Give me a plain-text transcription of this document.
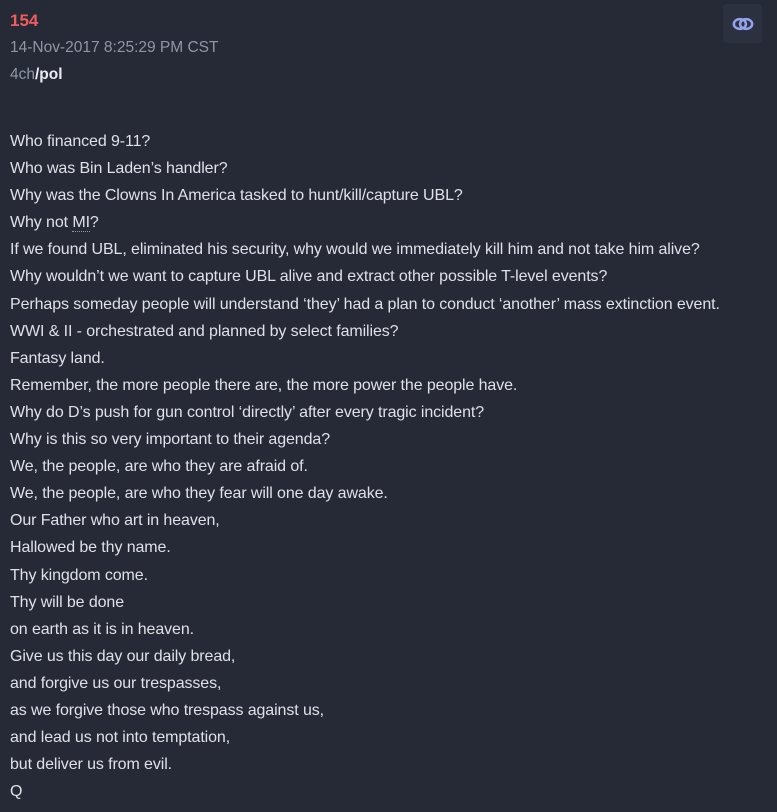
154
14-Nov-2017 8:25:29 PM CST
4ch/pol
Who financed 9-11?
Who was Bin Laden’s handler?
Why was the Clowns In America tasked to hunt/kill/capture UBL?
Why not MI?
If we found UBL, eliminated his security, why would we immediately kill him and not take him alive?
Why wouldn’t we want to capture UBL alive and extract other possible T-level events?
Perhaps someday people will understand ‘they’ had a plan to conduct ‘another’ mass extinction event.
WWI & II - orchestrated and planned by select families?
Fantasy land.
Remember, the more people there are, the more power the people have.
Why do D’s push for gun control ‘directly’ after every tragic incident?
Why is this so very important to their agenda?
We, the people, are who they are afraid of.
We, the people, are who they fear will one day awake.
Our Father who art in heaven,
Hallowed be thy name.
Thy kingdom come.
Thy will be done
on earth as it is in heaven.
Give us this day our daily bread,
and forgive us our trespasses,
as we forgive those who trespass against us,
and lead us not into temptation,
but deliver us from evil.
Q
